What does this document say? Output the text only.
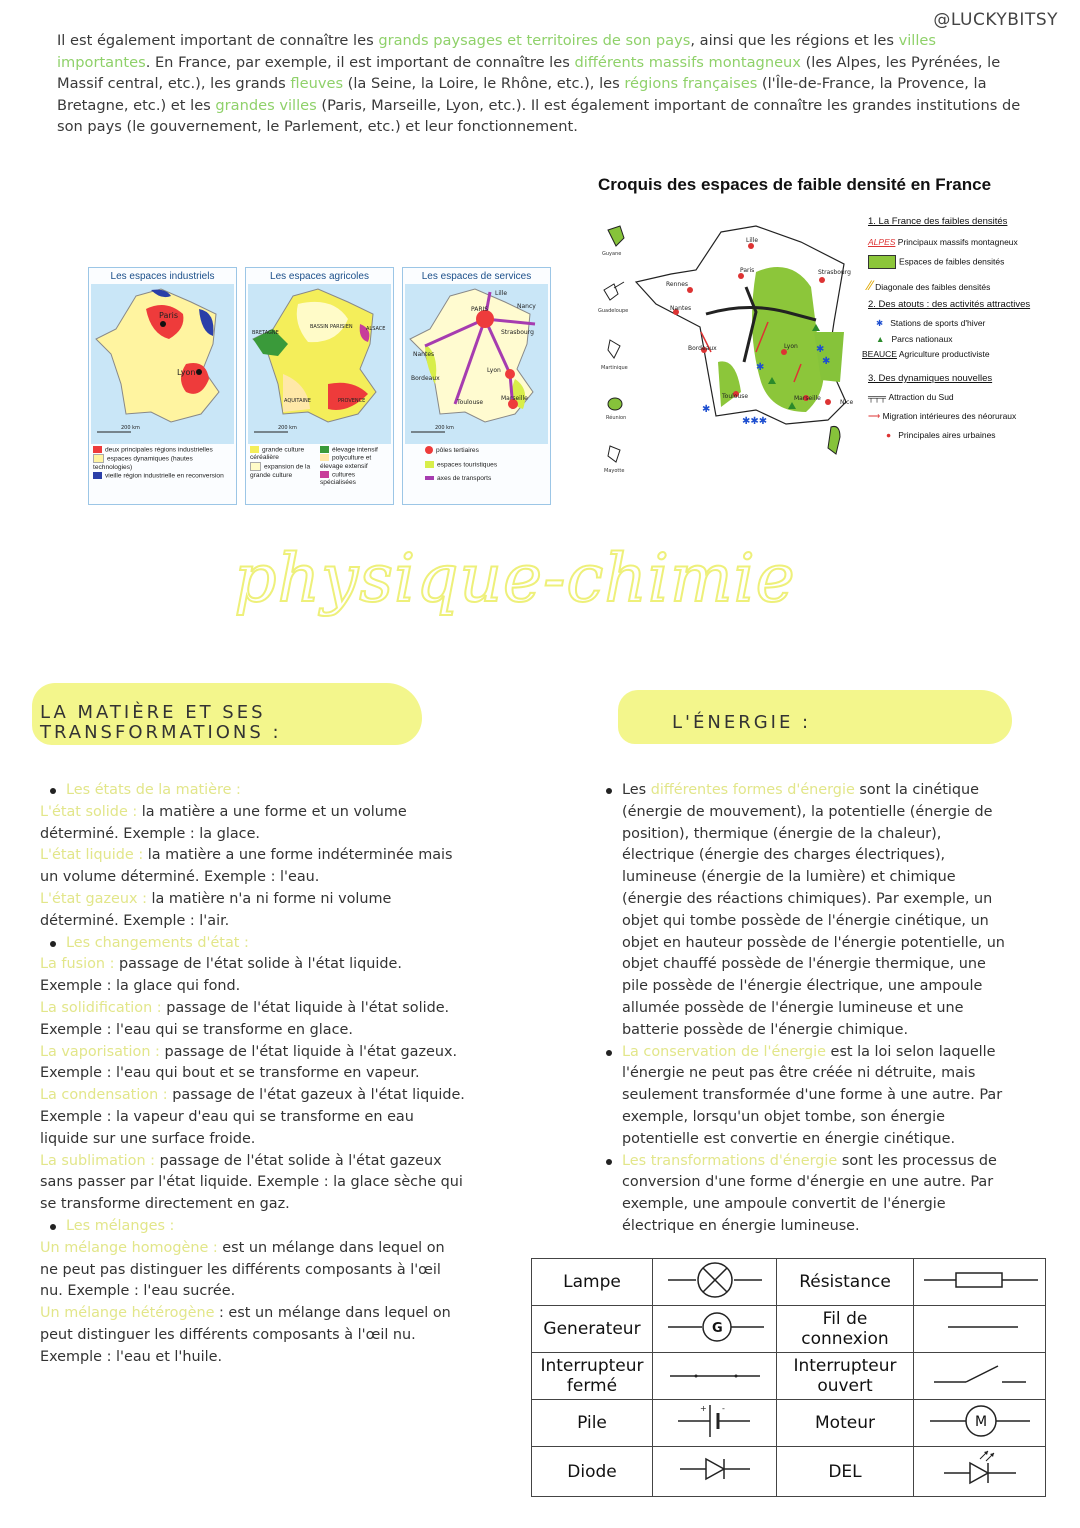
@LUCKYBITSY
Il est également important de connaître les grands paysages et territoires de son pays, ainsi que les régions et les villes importantes. En France, par exemple, il est important de connaître les différents massifs montagneux (les Alpes, les Pyrénées, le Massif central, etc.), les grands fleuves (la Seine, la Loire, le Rhône, etc.), les régions françaises (l'Île-de-France, la Provence, la Bretagne, etc.) et les grandes villes (Paris, Marseille, Lyon, etc.). Il est également important de connaître les grandes institutions de son pays (le gouvernement, le Parlement, etc.) et leur fonctionnement.
Les espaces industriels
Paris
Lyon
200 km
deux principales régions industrielles
espaces dynamiques (hautes technologies)
vieille région industrielle en reconversion
Les espaces agricoles
BRETAGNE
BASSIN PARISIEN	ALSACE
AQUITAINE	PROVENCE
200 km
grande culture céréalière
expansion de la grande culture
élevage intensif
polyculture et élevage extensif
cultures spécialisées
Les espaces de services
Lille
PARIS	Nancy
Strasbourg
Nantes
Bordeaux
Lyon
Toulouse
Marseille
200 km
pôles tertiaires
espaces touristiques
axes de transports
Croquis des espaces de faible densité en France
Guyane
Guadeloupe
Martinique
Réunion
Mayotte
Lille
Paris	Strasbourg
Rennes
Nantes
Bordeaux	Lyon
Toulouse	Marseille
Nice
✱
✱✱✱
✱
✱
✱
1. La France des faibles densités
ALPES Principaux massifs montagneux
Espaces de faibles densités
⁄⁄ Diagonale des faibles densités
2. Des atouts : des activités attractives
✱ Stations de sports d'hiver
▲ Parcs nationaux
BEAUCE Agriculture productiviste
3. Des dynamiques nouvelles
╤╤╤ Attraction du Sud
⟶ Migration intérieures des néoruraux
● Principales aires urbaines
physique-chimie
LA MATIÈRE ET SES TRANSFORMATIONS :	L'ÉNERGIE :

Les états de la matière :

L'état solide : la matière a une forme et un volume déterminé. Exemple : la glace.

L'état liquide : la matière a une forme indéterminée mais un volume déterminé. Exemple : l'eau.

L'état gazeux : la matière n'a ni forme ni volume déterminé. Exemple : l'air.

Les changements d'état :

La fusion : passage de l'état solide à l'état liquide. Exemple : la glace qui fond.

La solidification : passage de l'état liquide à l'état solide. Exemple : l'eau qui se transforme en glace.

La vaporisation : passage de l'état liquide à l'état gazeux. Exemple : l'eau qui bout et se transforme en vapeur.

La condensation : passage de l'état gazeux à l'état liquide. Exemple : la vapeur d'eau qui se transforme en eau liquide sur une surface froide.

La sublimation : passage de l'état solide à l'état gazeux sans passer par l'état liquide. Exemple : la glace sèche qui se transforme directement en gaz.

Les mélanges :

Un mélange homogène : est un mélange dans lequel on ne peut pas distinguer les différents composants à l'œil nu. Exemple : l'eau sucrée.

Un mélange hétérogène : est un mélange dans lequel on peut distinguer les différents composants à l'œil nu. Exemple : l'eau et l'huile.

Les différentes formes d'énergie sont la cinétique (énergie de mouvement), la potentielle (énergie de position), thermique (énergie de la chaleur), électrique (énergie des charges électriques), lumineuse (énergie de la lumière) et chimique (énergie des réactions chimiques). Par exemple, un objet qui tombe possède de l'énergie cinétique, un objet en hauteur possède de l'énergie potentielle, un objet chauffé possède de l'énergie thermique, une pile possède de l'énergie électrique, une ampoule allumée possède de l'énergie lumineuse et une batterie possède de l'énergie chimique.

La conservation de l'énergie est la loi selon laquelle l'énergie ne peut pas être créée ni détruite, mais seulement transformée d'une forme à une autre. Par exemple, lorsqu'un objet tombe, son énergie potentielle est convertie en énergie cinétique.

Les transformations d'énergie sont les processus de conversion d'une forme d'énergie en une autre. Par exemple, une ampoule convertit de l'énergie électrique en énergie lumineuse.

Lampe		Résistance	
Generateur	G	Fil de connexion	
Interrupteur fermé		Interrupteur ouvert	
Pile	+ -	Moteur	M

Diode		DEL	
